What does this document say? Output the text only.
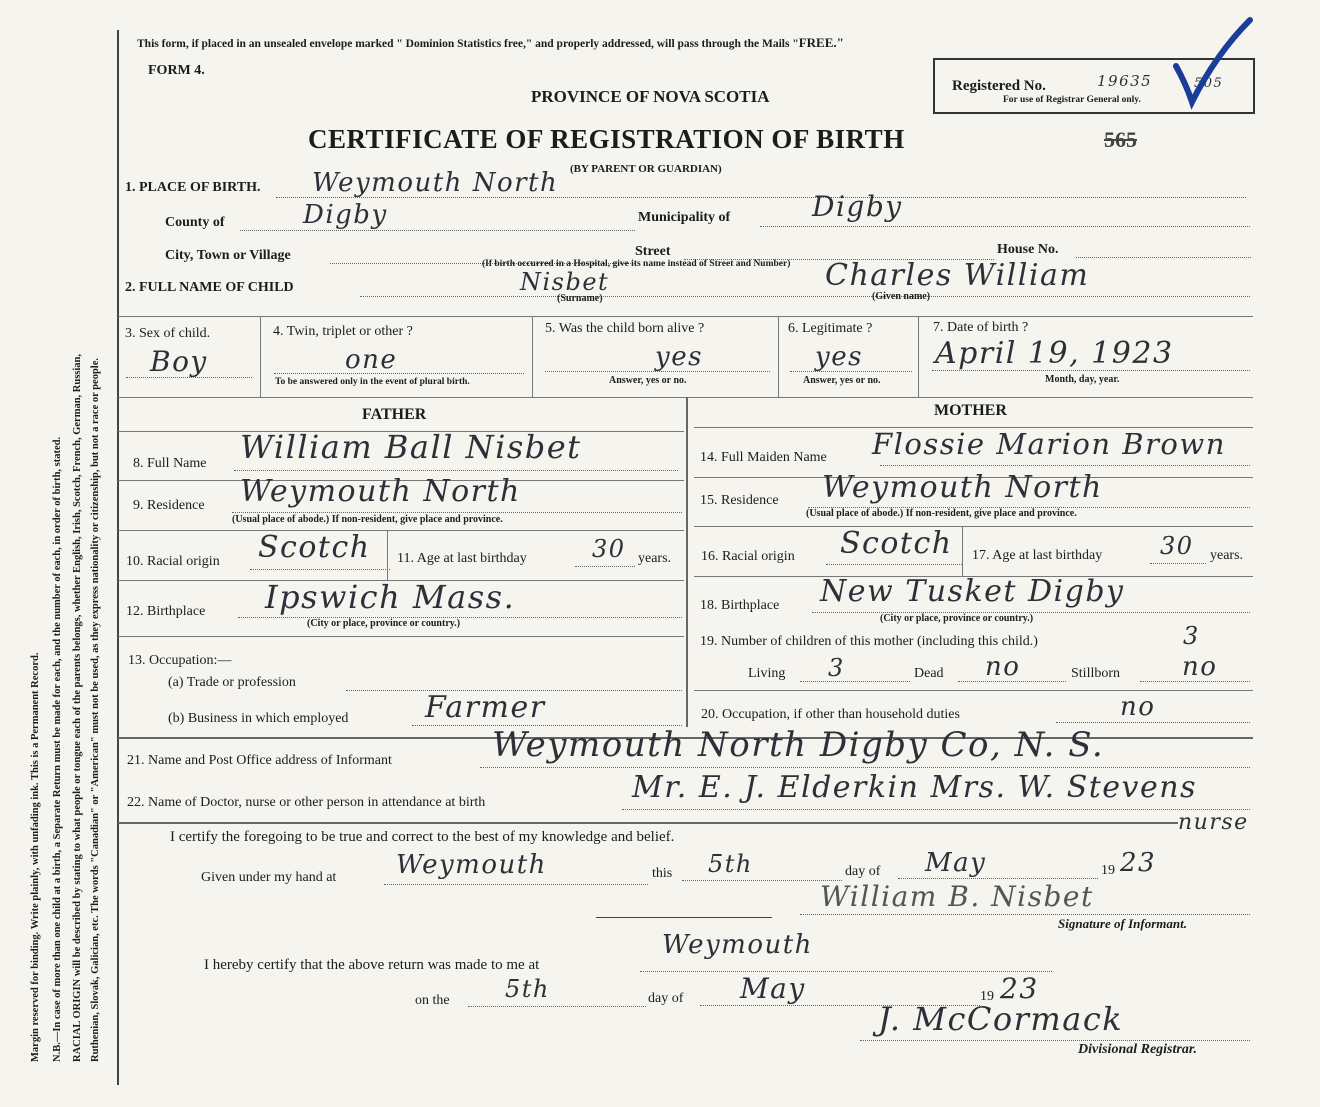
Margin reserved for binding. Write plainly, with unfading ink. This is a Permanent Record. N.B.—In case of more than one child at a birth, a Separate Return must be made for each, and the number of each, in order of birth, stated. RACIAL ORIGIN will be described by stating to what people or tongue each of the parents belongs, whether English, Irish, Scotch, French, German, Russian, Ruthenian, Slovak, Galician, etc. The words "Canadian" or "American" must not be used, as they express nationality or citizenship, but not a race or people.
This form, if placed in an unsealed envelope marked " Dominion Statistics free," and properly addressed, will pass through the Mails "FREE."
FORM 4.
PROVINCE OF NOVA SCOTIA
CERTIFICATE OF REGISTRATION OF BIRTH
(BY PARENT OR GUARDIAN)
565
Registered No.
For use of Registrar General only.
19635	505
1. PLACE OF BIRTH. Weymouth North
County of	Digby	Municipality of	Digby
City, Town or Village	Street	House No.
(If birth occurred in a Hospital, give its name instead of Street and Number)
2. FULL NAME OF CHILD	Nisbet
(Surname)
Charles William
(Given name)
3. Sex of child.
Boy
4. Twin, triplet or other ?
one
To be answered only in the event of plural birth.
5. Was the child born alive ?
yes
Answer, yes or no.
6. Legitimate ?
yes
Answer, yes or no.
7. Date of birth ?
April 19, 1923
Month, day, year.
FATHER	MOTHER
8. Full Name William Ball Nisbet
9. Residence Weymouth North
(Usual place of abode.) If non-resident, give place and province.
10. Racial origin Scotch 11. Age at last birthday	30 years.
12. Birthplace Ipswich Mass.
(City or place, province or country.)
13. Occupation:—
(a) Trade or profession
(b) Business in which employed	Farmer
14. Full Maiden Name Flossie Marion Brown
15. Residence Weymouth North
(Usual place of abode.) If non-resident, give place and province.
16. Racial origin Scotch 17. Age at last birthday 30 years.
18. Birthplace New Tusket Digby
(City or place, province or country.)
19. Number of children of this mother (including this child.)	3
Living 3	Dead no	Stillborn no
20. Occupation, if other than household duties	no
21. Name and Post Office address of Informant	Weymouth North Digby Co, N. S.
22. Name of Doctor, nurse or other person in attendance at birth	Mr. E. J. Elderkin Mrs. W. Stevens
nurse
I certify the foregoing to be true and correct to the best of my knowledge and belief.
Given under my hand at Weymouth	this 5th	day of May	19 23
William B. Nisbet
Signature of Informant.
I hereby certify that the above return was made to me at
Weymouth
on the 5th	day of May	19 23
J. McCormack
Divisional Registrar.
